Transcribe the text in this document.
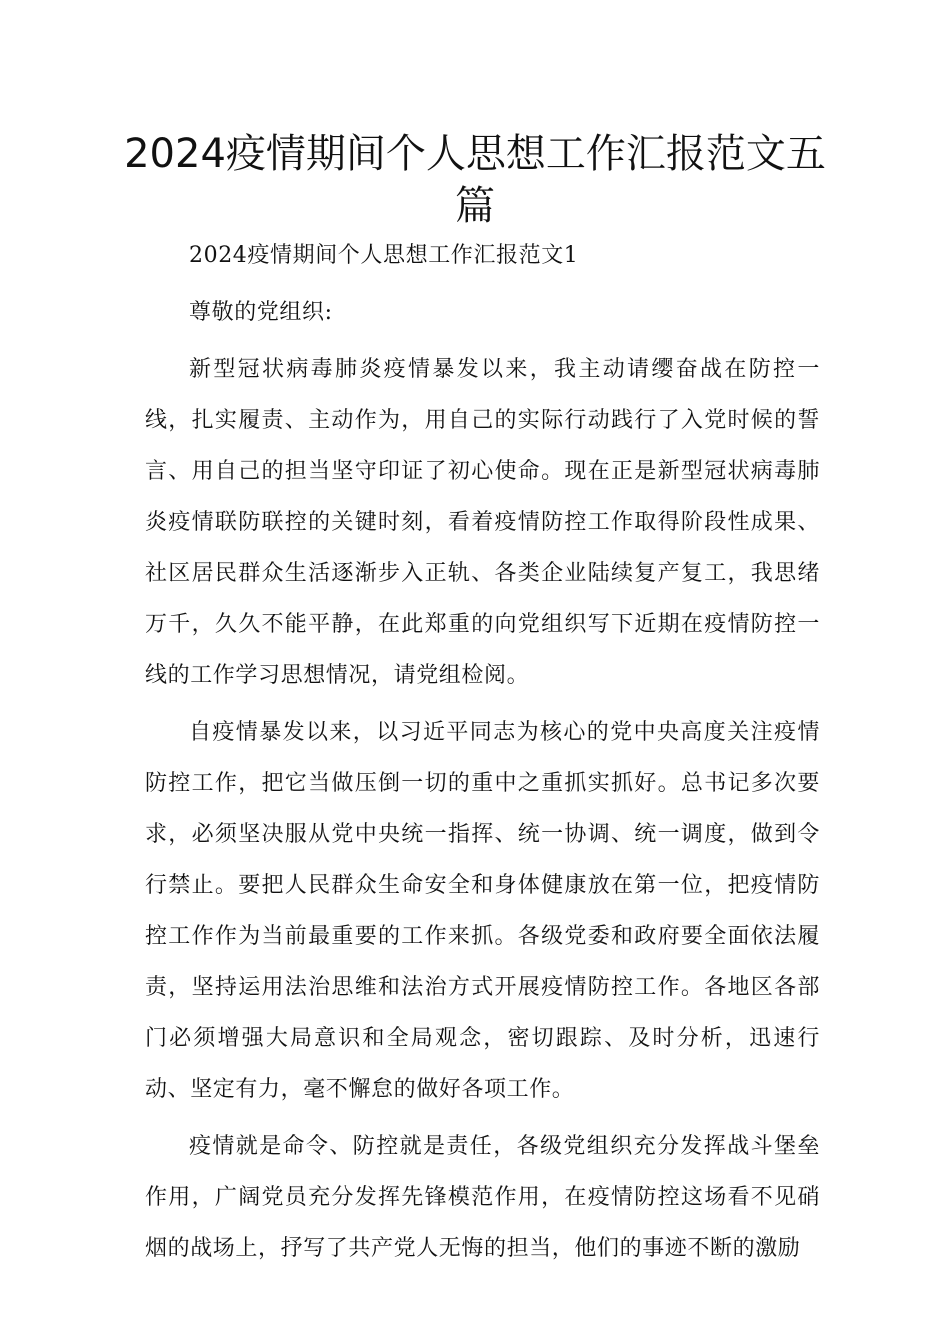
2024疫情期间个人思想工作汇报范文五篇

2024疫情期间个人思想工作汇报范文1

尊敬的党组织:

新型冠状病毒肺炎疫情暴发以来，我主动请缨奋战在防控一线，扎实履责、主动作为，用自己的实际行动践行了入党时候的誓言、用自己的担当坚守印证了初心使命。现在正是新型冠状病毒肺炎疫情联防联控的关键时刻，看着疫情防控工作取得阶段性成果、社区居民群众生活逐渐步入正轨、各类企业陆续复产复工，我思绪万千，久久不能平静，在此郑重的向党组织写下近期在疫情防控一线的工作学习思想情况，请党组检阅。

自疫情暴发以来，以习近平同志为核心的党中央高度关注疫情防控工作，把它当做压倒一切的重中之重抓实抓好。总书记多次要求，必须坚决服从党中央统一指挥、统一协调、统一调度，做到令行禁止。要把人民群众生命安全和身体健康放在第一位，把疫情防控工作作为当前最重要的工作来抓。各级党委和政府要全面依法履责，坚持运用法治思维和法治方式开展疫情防控工作。各地区各部门必须增强大局意识和全局观念，密切跟踪、及时分析，迅速行动、坚定有力，毫不懈怠的做好各项工作。

疫情就是命令、防控就是责任，各级党组织充分发挥战斗堡垒作用，广阔党员充分发挥先锋模范作用，在疫情防控这场看不见硝烟的战场上，抒写了共产党人无悔的担当，他们的事迹不断的激励
